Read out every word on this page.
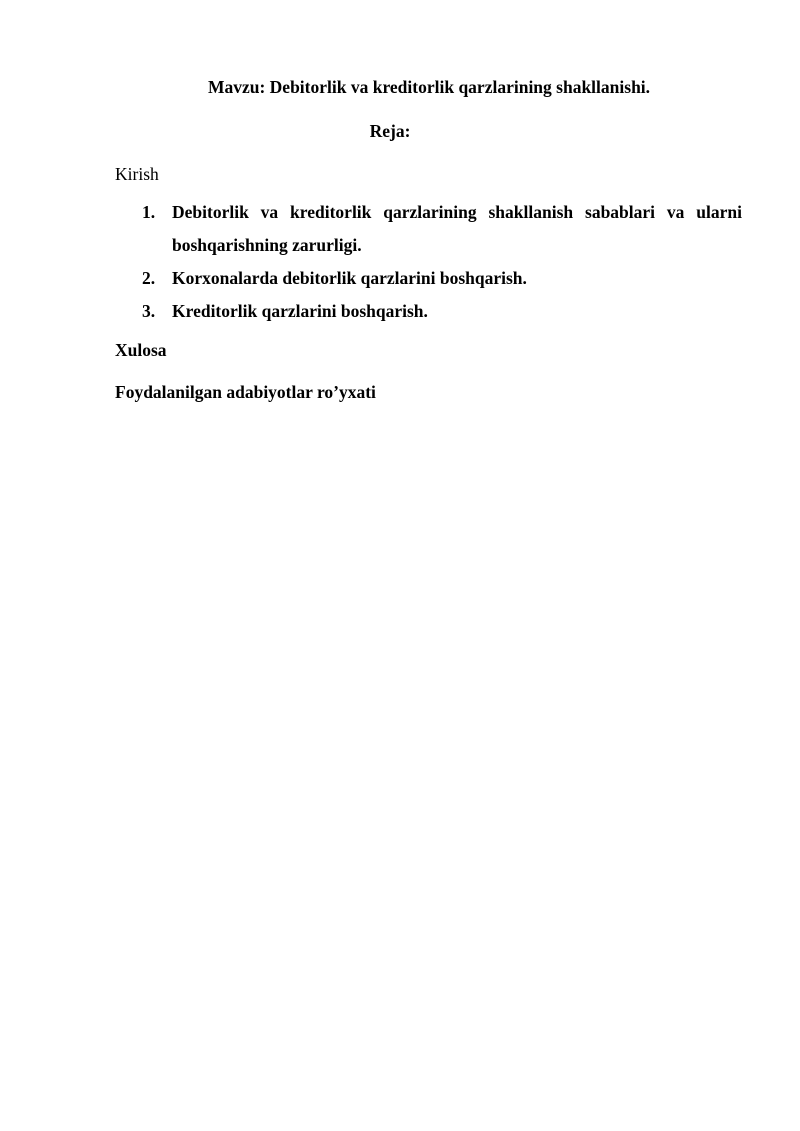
Mavzu: Debitorlik va kreditorlik qarzlarining shakllanishi.
Reja:
Kirish
1. Debitorlik va kreditorlik qarzlarining shakllanish sabablari va ularni boshqarishning zarurligi.
2. Korxonalarda debitorlik qarzlarini boshqarish.
3. Kreditorlik qarzlarini boshqarish.
Xulosa
Foydalanilgan adabiyotlar ro’yxati
